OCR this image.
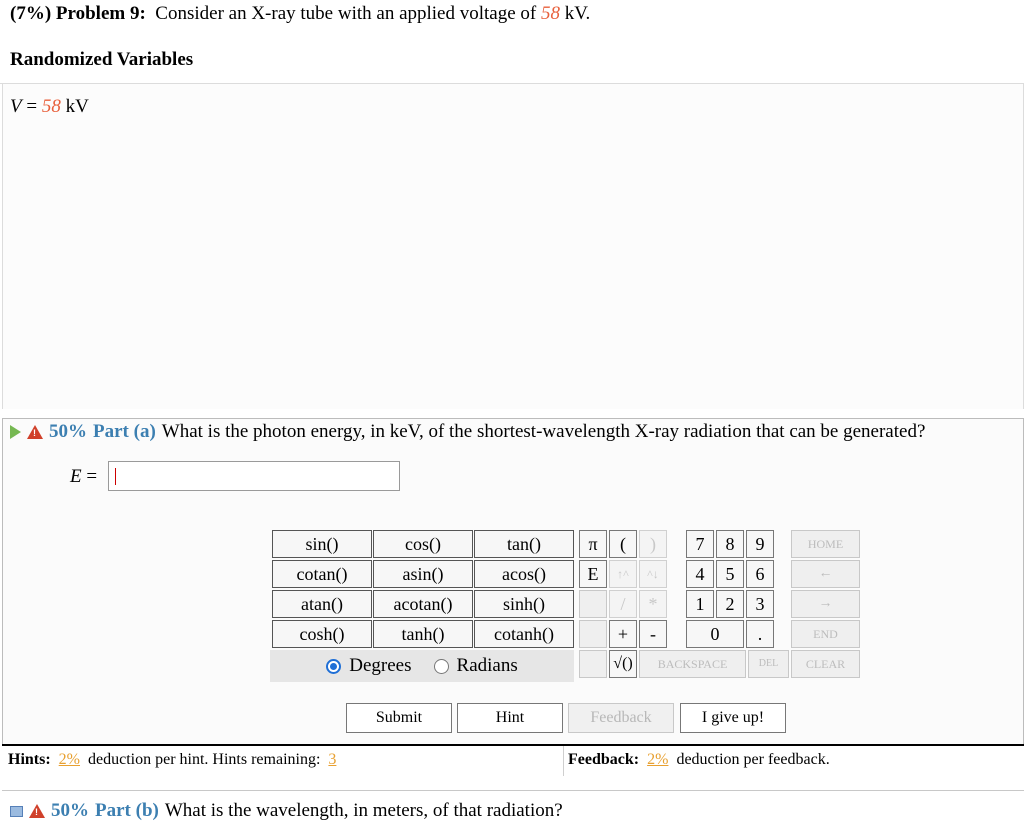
(7%) Problem 9: Consider an X-ray tube with an applied voltage of 58 kV.
Randomized Variables
V = 58 kV
! 50% Part (a) What is the photon energy, in keV, of the shortest-wavelength X-ray radiation that can be generated?
E =
sin()	cos()	tan()
cotan()	asin()	acos()
atan()	acotan()	sinh()
cosh()	tanh()	cotanh()
Degrees Radians
π
E
(
↑^
/
+
√()
)
^↓
*
-
7	8	9
4	5	6
1	2	3
0	.
HOME
←
→
END
BACKSPACE	DEL	CLEAR
Submit	Hint	Feedback	I give up!
Hints: 2% deduction per hint. Hints remaining: 3	Feedback: 2% deduction per feedback.
! 50% Part (b) What is the wavelength, in meters, of that radiation?
